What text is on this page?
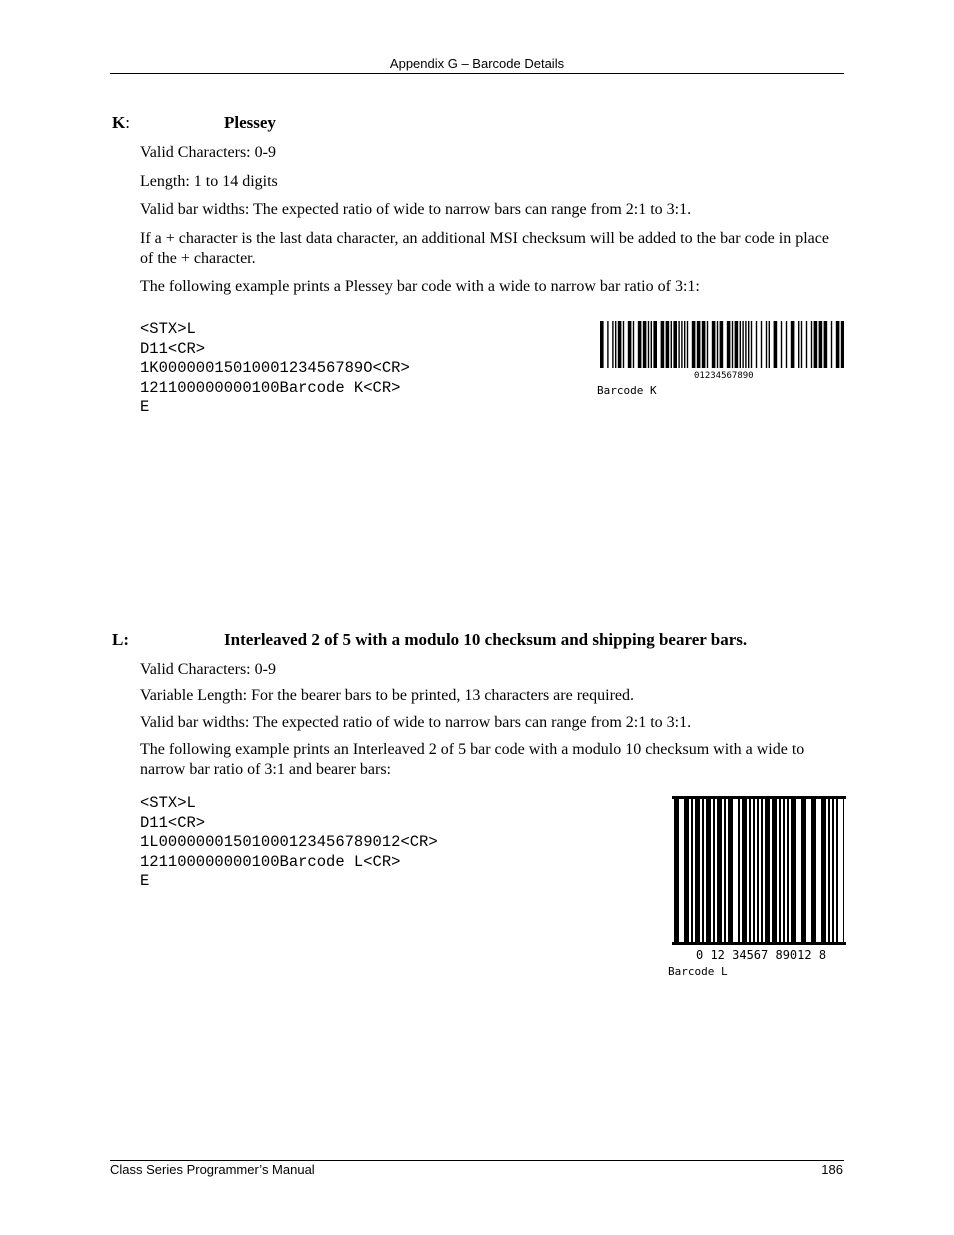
Appendix G – Barcode Details
K:	Plessey
Valid Characters: 0-9
Length: 1 to 14 digits
Valid bar widths: The expected ratio of wide to narrow bars can range from 2:1 to 3:1.
If a + character is the last data character, an additional MSI checksum will be added to the bar code in place of the + character.
The following example prints a Plessey bar code with a wide to narrow bar ratio of 3:1:
<STX>L
D11<CR>
1K0000001501000123456789O<CR>
121100000000100Barcode K<CR>
E
01234567890
Barcode K
L:	Interleaved 2 of 5 with a modulo 10 checksum and shipping bearer bars.
Valid Characters: 0-9
Variable Length: For the bearer bars to be printed, 13 characters are required.
Valid bar widths: The expected ratio of wide to narrow bars can range from 2:1 to 3:1.
The following example prints an Interleaved 2 of 5 bar code with a modulo 10 checksum with a wide to narrow bar ratio of 3:1 and bearer bars:
<STX>L
D11<CR>
1L00000001501000123456789012<CR>
121100000000100Barcode L<CR>
E
0 12 34567 89012 8
Barcode L
Class Series Programmer’s Manual	186
